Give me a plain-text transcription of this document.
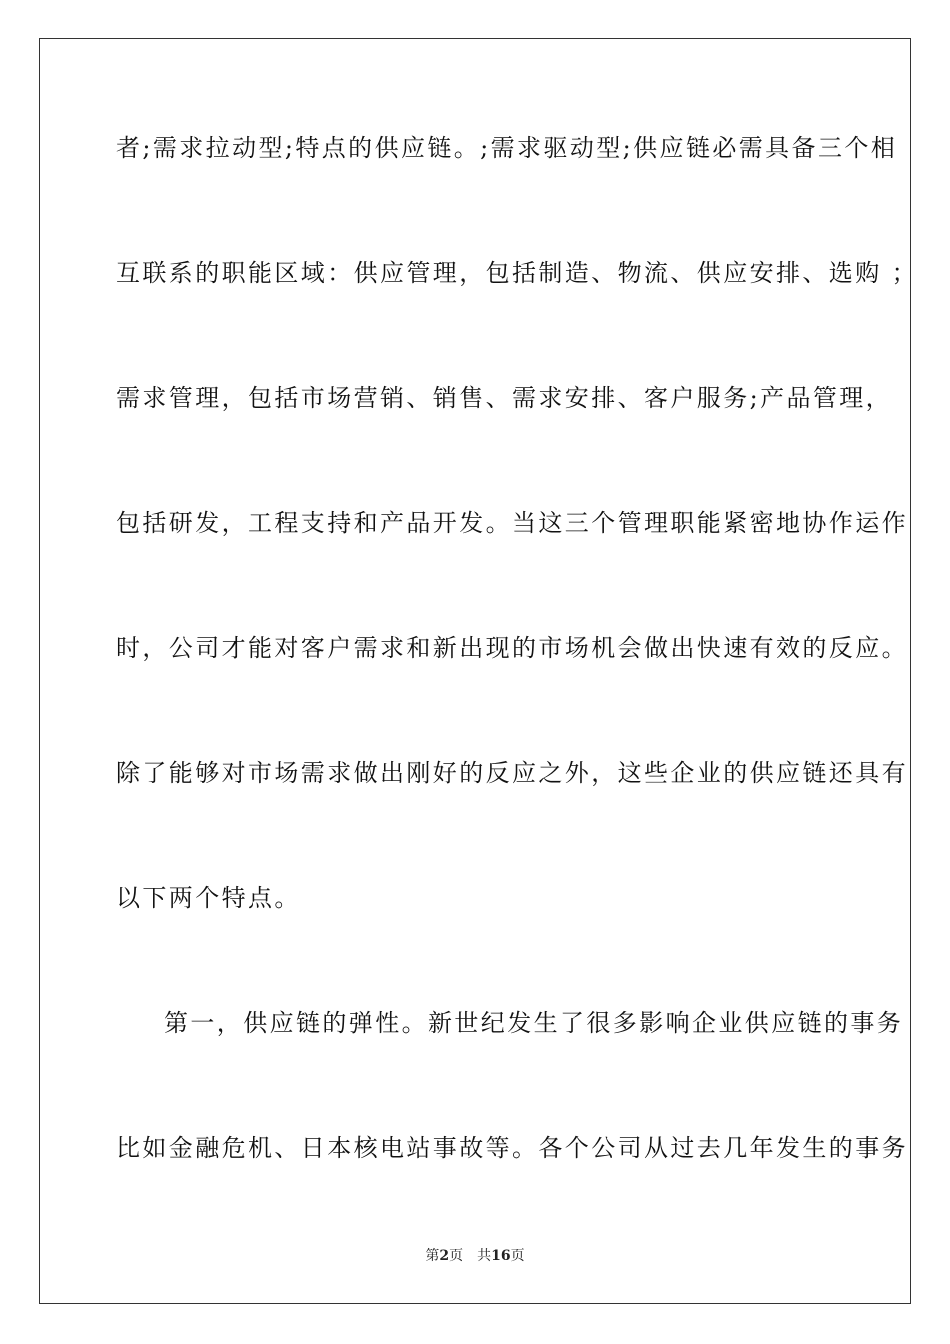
者;需求拉动型;特点的供应链。;需求驱动型;供应链必需具备三个相
互联系的职能区域：供应管理，包括制造、物流、供应安排、选购 ；
需求管理，包括市场营销、销售、需求安排、客户服务;产品管理，
包括研发，工程支持和产品开发。当这三个管理职能紧密地协作运作
时，公司才能对客户需求和新出现的市场机会做出快速有效的反应。
除了能够对市场需求做出刚好的反应之外，这些企业的供应链还具有
以下两个特点。
第一，供应链的弹性。新世纪发生了很多影响企业供应链的事务
比如金融危机、日本核电站事故等。各个公司从过去几年发生的事务
第2页 共16页
